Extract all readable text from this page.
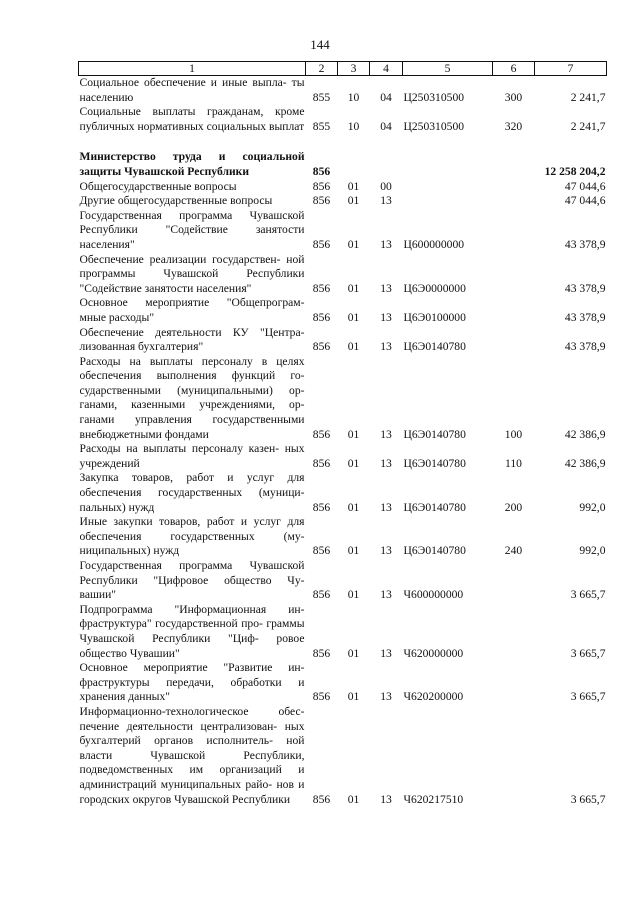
144
1	2	3	4	5	6	7
Социальное обеспечение и иные выпла- ты населению	855	10	04	Ц250310500	300	2 241,7
Социальные выплаты гражданам, кроме публичных нормативных социальных выплат	855	10	04	Ц250310500	320	2 241,7
Министерство труда и социальной защиты Чувашской Республики	856					12 258 204,2
Общегосударственные вопросы	856	01	00			47 044,6
Другие общегосударственные вопросы	856	01	13			47 044,6
Государственная программа Чувашской Республики "Содействие занятости населения"	856	01	13	Ц600000000		43 378,9
Обеспечение реализации государствен- ной программы Чувашской Республики "Содействие занятости населения"	856	01	13	Ц6Э0000000		43 378,9
Основное мероприятие "Общепрограм- мные расходы"	856	01	13	Ц6Э0100000		43 378,9
Обеспечение деятельности КУ "Центра- лизованная бухгалтерия"	856	01	13	Ц6Э0140780		43 378,9
Расходы на выплаты персоналу в целях обеспечения выполнения функций го- сударственными (муниципальными) ор- ганами, казенными учреждениями, ор- ганами управления государственными внебюджетными фондами	856	01	13	Ц6Э0140780	100	42 386,9
Расходы на выплаты персоналу казен- ных учреждений	856	01	13	Ц6Э0140780	110	42 386,9
Закупка товаров, работ и услуг для обеспечения государственных (муници- пальных) нужд	856	01	13	Ц6Э0140780	200	992,0
Иные закупки товаров, работ и услуг для обеспечения государственных (му- ниципальных) нужд	856	01	13	Ц6Э0140780	240	992,0
Государственная программа Чувашской Республики "Цифровое общество Чу- вашии"	856	01	13	Ч600000000		3 665,7
Подпрограмма "Информационная ин- фраструктура" государственной про- граммы Чувашской Республики "Циф- ровое общество Чувашии"	856	01	13	Ч620000000		3 665,7
Основное мероприятие "Развитие ин- фраструктуры передачи, обработки и хранения данных"	856	01	13	Ч620200000		3 665,7
Информационно-технологическое обес- печение деятельности централизован- ных бухгалтерий органов исполнитель- ной власти Чувашской Республики, подведомственных им организаций и администраций муниципальных райо- нов и городских округов Чувашской Республики	856	01	13	Ч620217510		3 665,7
